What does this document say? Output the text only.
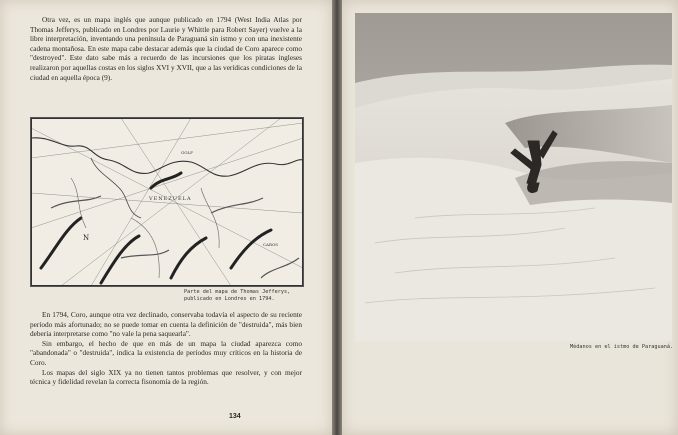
Otra vez, es un mapa inglés que aunque publicado en 1794 (West India Atlas por Thomas Jefferys, publicado en Londres por Laurie y Whittle para Robert Sayer) vuelve a la libre interpretación, inventando una península de Paraguaná sin istmo y con una inexistente cadena montañosa. En este mapa cabe destacar además que la ciudad de Coro aparece como "destroyed". Este dato sabe más a recuerdo de las incursiones que los piratas ingleses realizaron por aquellas costas en los siglos XVI y XVII, que a las verídicas condiciones de la ciudad en aquella época (9).

VENEZUELA
GOLF
CAROS
N

Parte del mapa de Thomas Jefferys, publicado en Londres en 1794.

En 1794, Coro, aunque otra vez declinado, conservaba todavía el aspecto de su reciente período más afortunado; no se puede tomar en cuenta la definición de "destruida", más bien debería interpretarse como "no vale la pena saquearla".

Sin embargo, el hecho de que en más de un mapa la ciudad aparezca como "abandonada" o "destruida", indica la existencia de períodos muy críticos en la historia de Coro.

Los mapas del siglo XIX ya no tienen tantos problemas que resolver, y con mejor técnica y fidelidad revelan la correcta fisonomía de la región.

134

Médanos en el istmo de Paraguaná.
